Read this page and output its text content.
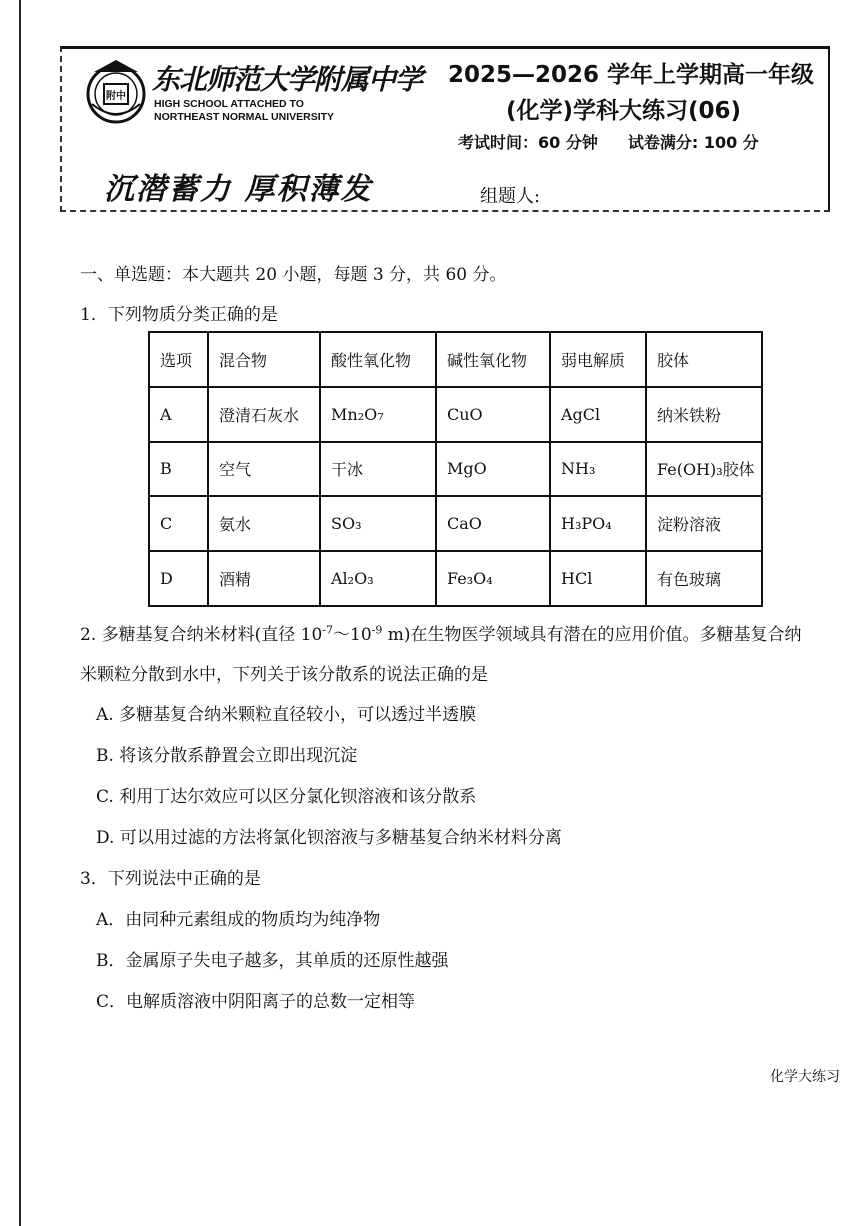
附中
东北师范大学附属中学
HIGH SCHOOL ATTACHED TO
NORTHEAST NORMAL UNIVERSITY
2025—2026 学年上学期高一年级
(化学)学科大练习(06)
考试时间：60 分钟 试卷满分: 100 分
沉潜蓄力 厚积薄发	组题人:
一、单选题：本大题共 20 小题，每题 3 分，共 60 分。
1．下列物质分类正确的是
选项	混合物	酸性氧化物	碱性氧化物	弱电解质	胶体
A	澄清石灰水	Mn₂O₇	CuO	AgCl	纳米铁粉
B	空气	干冰	MgO	NH₃	Fe(OH)₃胶体
C	氨水	SO₃	CaO	H₃PO₄	淀粉溶液
D	酒精	Al₂O₃	Fe₃O₄	HCl	有色玻璃
2. 多糖基复合纳米材料(直径 $10^{-7}\sim 10^{-9}$ m)在生物医学领域具有潜在的应用价值。多糖基复合纳
米颗粒分散到水中，下列关于该分散系的说法正确的是
A. 多糖基复合纳米颗粒直径较小，可以透过半透膜
B. 将该分散系静置会立即出现沉淀
C. 利用丁达尔效应可以区分氯化钡溶液和该分散系
D. 可以用过滤的方法将氯化钡溶液与多糖基复合纳米材料分离
3．下列说法中正确的是
A．由同种元素组成的物质均为纯净物
B．金属原子失电子越多，其单质的还原性越强
C．电解质溶液中阴阳离子的总数一定相等
化学大练习
